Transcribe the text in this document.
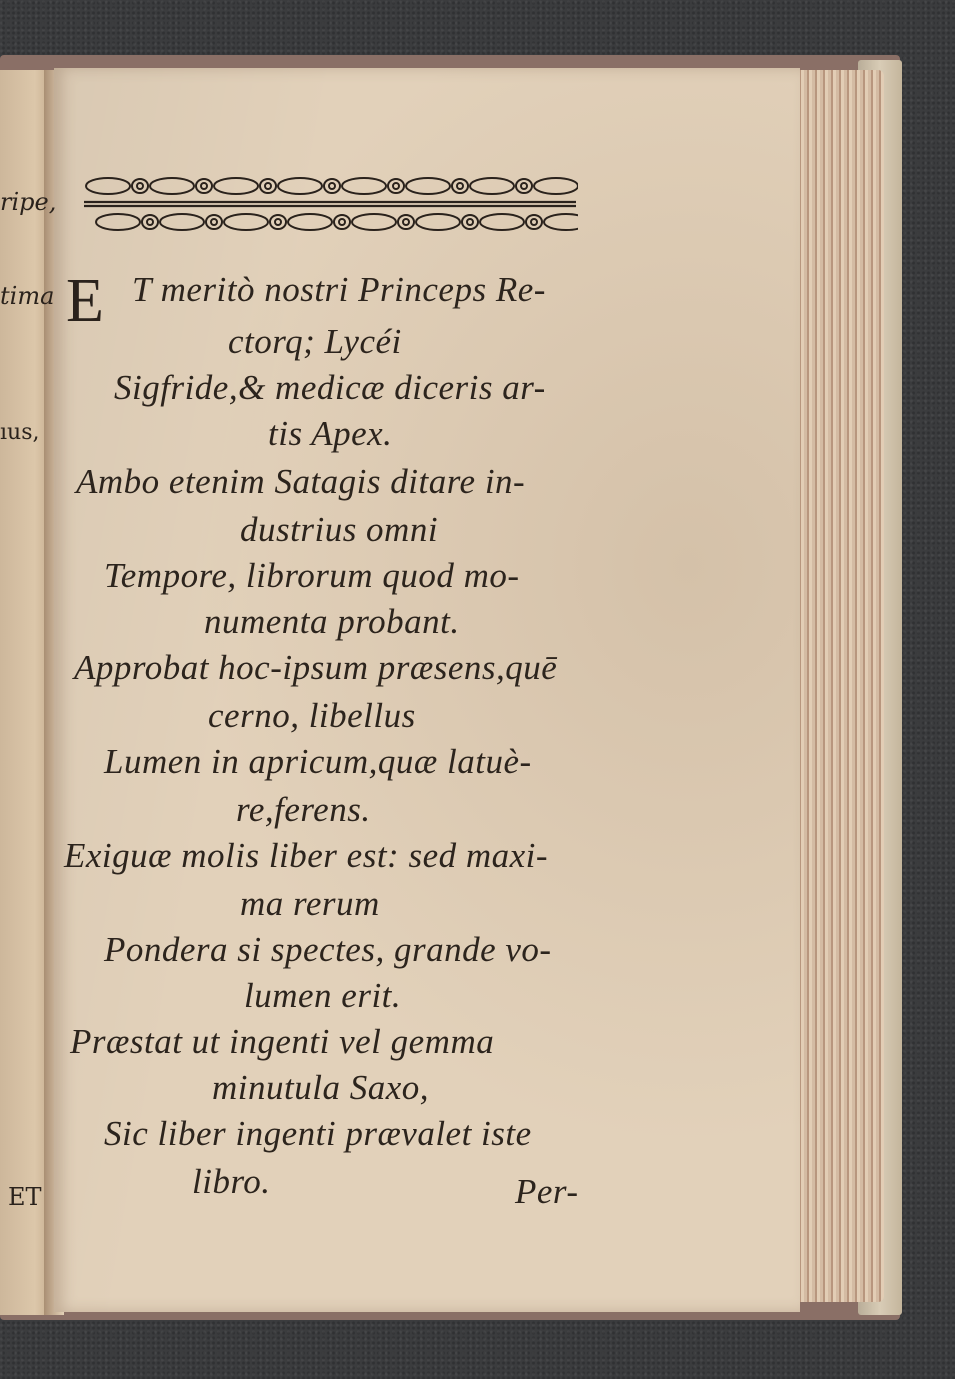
ripe,
tima
ıus,
ET
E T meritò nostri Princeps Re-
ctorq; Lycéi
Sigfride,& medicæ diceris ar-
tis Apex.
Ambo etenim Satagis ditare in-
dustrius omni
Tempore, librorum quod mo-
numenta probant.
Approbat hoc-ipsum præsens,quē
cerno, libellus
Lumen in apricum,quæ latuè-
re,ferens.
Exiguæ molis liber est: sed maxi-
ma rerum
Pondera si spectes, grande vo-
lumen erit.
Præstat ut ingenti vel gemma
minutula Saxo,
Sic liber ingenti prævalet iste
libro.	Per-
